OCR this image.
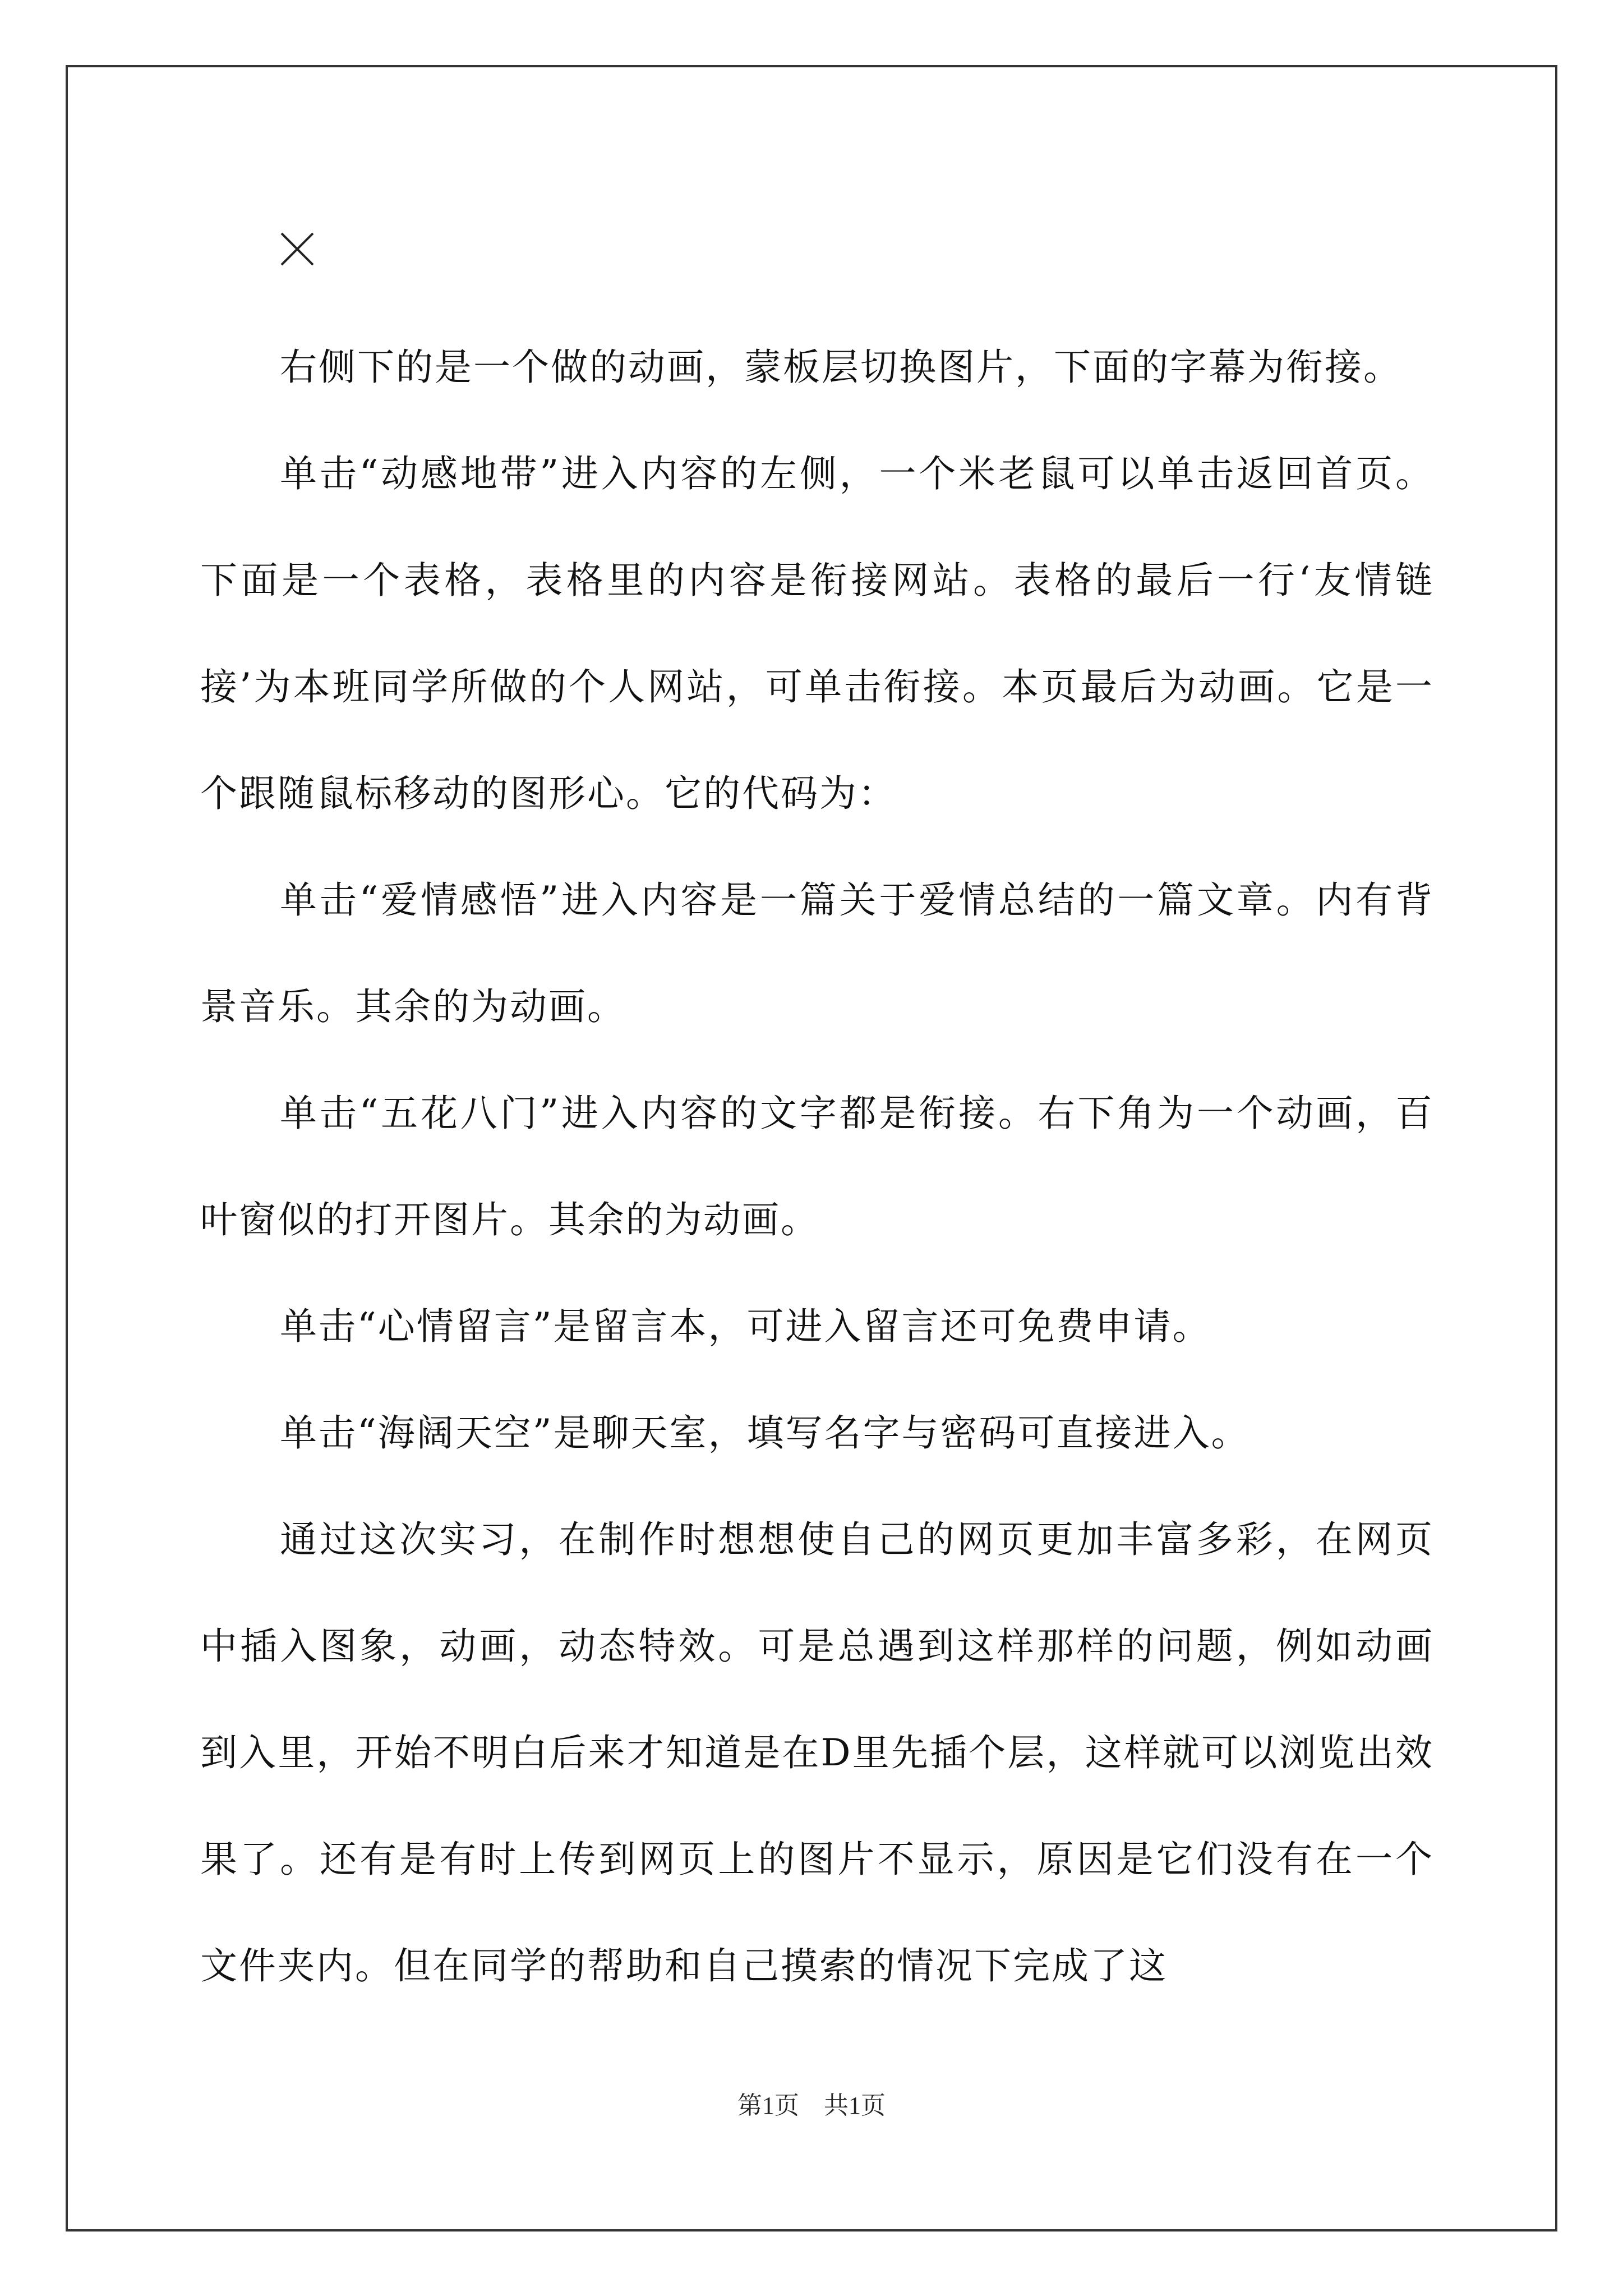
右侧下的是一个做的动画，蒙板层切换图片，下面的字幕为衔接。

单击“动感地带”进入内容的左侧，一个米老鼠可以单击返回首页。下面是一个表格，表格里的内容是衔接网站。表格的最后一行‘友情链接’为本班同学所做的个人网站，可单击衔接。本页最后为动画。它是一个跟随鼠标移动的图形心。它的代码为：

单击“爱情感悟”进入内容是一篇关于爱情总结的一篇文章。内有背景音乐。其余的为动画。

单击“五花八门”进入内容的文字都是衔接。右下角为一个动画，百叶窗似的打开图片。其余的为动画。

单击“心情留言”是留言本，可进入留言还可免费申请。

单击“海阔天空”是聊天室，填写名字与密码可直接进入。

通过这次实习，在制作时想想使自己的网页更加丰富多彩，在网页中插入图象，动画，动态特效。可是总遇到这样那样的问题，例如动画到入里，开始不明白后来才知道是在D里先插个层，这样就可以浏览出效果了。还有是有时上传到网页上的图片不显示，原因是它们没有在一个文件夹内。但在同学的帮助和自己摸索的情况下完成了这

第1页　共1页
